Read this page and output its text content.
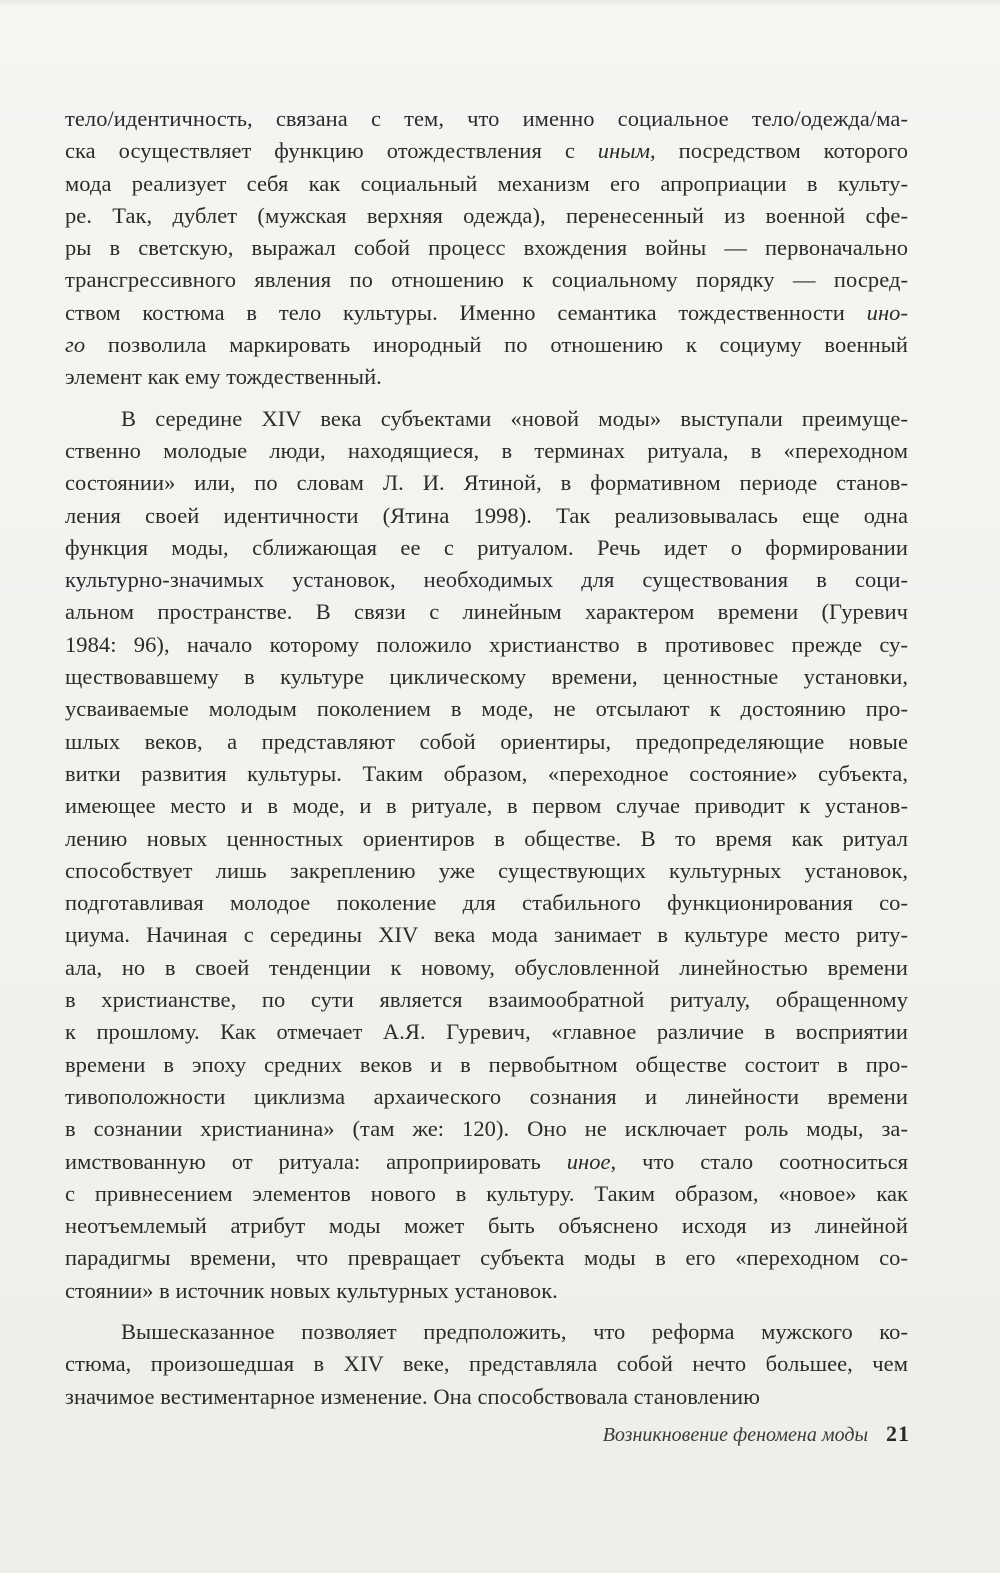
тело/идентичность, связана с тем, что именно социальное тело/одежда/ма-
ска осуществляет функцию отождествления с иным, посредством которого
мода реализует себя как социальный механизм его апроприации в культу-
ре. Так, дублет (мужская верхняя одежда), перенесенный из военной сфе-
ры в светскую, выражал собой процесс вхождения войны — первоначально
трансгрессивного явления по отношению к социальному порядку — посред-
ством костюма в тело культуры. Именно семантика тождественности ино-
го позволила маркировать инородный по отношению к социуму военный
элемент как ему тождественный.
В середине XIV века субъектами «новой моды» выступали преимуще-
ственно молодые люди, находящиеся, в терминах ритуала, в «переходном
состоянии» или, по словам Л. И. Ятиной, в формативном периоде станов-
ления своей идентичности (Ятина 1998). Так реализовывалась еще одна
функция моды, сближающая ее с ритуалом. Речь идет о формировании
культурно-значимых установок, необходимых для существования в соци-
альном пространстве. В связи с линейным характером времени (Гуревич
1984: 96), начало которому положило христианство в противовес прежде су-
ществовавшему в культуре циклическому времени, ценностные установки,
усваиваемые молодым поколением в моде, не отсылают к достоянию про-
шлых веков, а представляют собой ориентиры, предопределяющие новые
витки развития культуры. Таким образом, «переходное состояние» субъекта,
имеющее место и в моде, и в ритуале, в первом случае приводит к установ-
лению новых ценностных ориентиров в обществе. В то время как ритуал
способствует лишь закреплению уже существующих культурных установок,
подготавливая молодое поколение для стабильного функционирования со-
циума. Начиная с середины XIV века мода занимает в культуре место риту-
ала, но в своей тенденции к новому, обусловленной линейностью времени
в христианстве, по сути является взаимообратной ритуалу, обращенному
к прошлому. Как отмечает А.Я. Гуревич, «главное различие в восприятии
времени в эпоху средних веков и в первобытном обществе состоит в про-
тивоположности циклизма архаического сознания и линейности времени
в сознании христианина» (там же: 120). Оно не исключает роль моды, за-
имствованную от ритуала: апроприировать иное, что стало соотноситься
с привнесением элементов нового в культуру. Таким образом, «новое» как
неотъемлемый атрибут моды может быть объяснено исходя из линейной
парадигмы времени, что превращает субъекта моды в его «переходном со-
стоянии» в источник новых культурных установок.
Вышесказанное позволяет предположить, что реформа мужского ко-
стюма, произошедшая в XIV веке, представляла собой нечто большее, чем
значимое вестиментарное изменение. Она способствовала становлению
Возникновение феномена моды 21
